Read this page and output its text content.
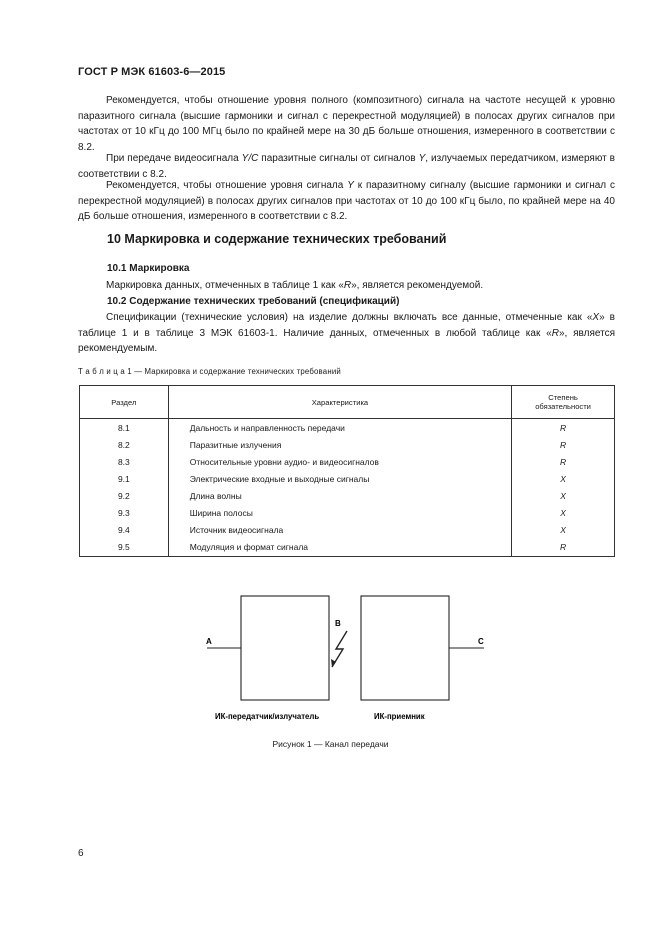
ГОСТ Р МЭК 61603-6—2015

Рекомендуется, чтобы отношение уровня полного (композитного) сигнала на частоте несущей к уровню паразитного сигнала (высшие гармоники и сигнал с перекрестной модуляцией) в полосах других сигналов при частотах от 10 кГц до 100 МГц было по крайней мере на 30 дБ больше отношения, измеренного в соответствии с 8.2.

При передаче видеосигнала Y/C паразитные сигналы от сигналов Y, излучаемых передатчиком, измеряют в соответствии с 8.2.

Рекомендуется, чтобы отношение уровня сигнала Y к паразитному сигналу (высшие гармоники и сигнал с перекрестной модуляцией) в полосах других сигналов при частотах от 10 до 100 кГц было, по крайней мере на 40 дБ больше отношения, измеренного в соответствии с 8.2.

10 Маркировка и содержание технических требований
10.1 Маркировка

Маркировка данных, отмеченных в таблице 1 как «R», является рекомендуемой.

10.2 Содержание технических требований (спецификаций)

Спецификации (технические условия) на изделие должны включать все данные, отмеченные как «X» в таблице 1 и в таблице 3 МЭК 61603-1. Наличие данных, отмеченных в любой таблице как «R», является рекомендуемым.

Т а б л и ц а 1 — Маркировка и содержание технических требований
Раздел	Характеристика	Степень
обязательности
8.1	Дальность и направленность передачи	R
8.2	Паразитные излучения	R
8.3	Относительные уровни аудио- и видеосигналов	R
9.1	Электрические входные и выходные сигналы	X
9.2	Длина волны	X
9.3	Ширина полосы	X
9.4	Источник видеосигнала	X
9.5	Модуляция и формат сигнала	R
A
B
C
ИК-передатчик/излучатель	ИК-приемник
Рисунок 1 — Канал передачи
6
